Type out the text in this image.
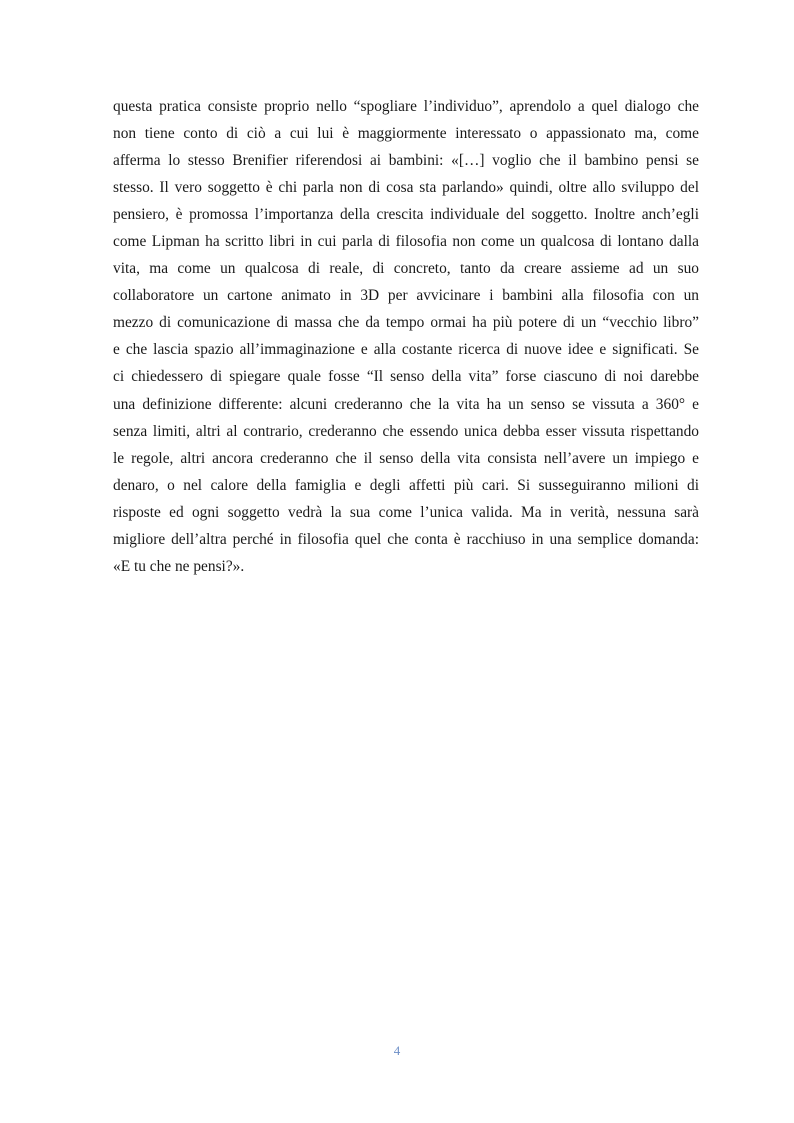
questa pratica consiste proprio nello “spogliare l’individuo”, aprendolo a quel dialogo che
non tiene conto di ciò a cui lui è maggiormente interessato o appassionato ma, come
afferma lo stesso Brenifier riferendosi ai bambini: «[…] voglio che il bambino pensi se
stesso. Il vero soggetto è chi parla non di cosa sta parlando» quindi, oltre allo sviluppo del
pensiero, è promossa l’importanza della crescita individuale del soggetto. Inoltre anch’egli
come Lipman ha scritto libri in cui parla di filosofia non come un qualcosa di lontano dalla
vita, ma come un qualcosa di reale, di concreto, tanto da creare assieme ad un suo
collaboratore un cartone animato in 3D per avvicinare i bambini alla filosofia con un
mezzo di comunicazione di massa che da tempo ormai ha più potere di un “vecchio libro”
e che lascia spazio all’immaginazione e alla costante ricerca di nuove idee e significati. Se
ci chiedessero di spiegare quale fosse “Il senso della vita” forse ciascuno di noi darebbe
una definizione differente: alcuni crederanno che la vita ha un senso se vissuta a 360° e
senza limiti, altri al contrario, crederanno che essendo unica debba esser vissuta rispettando
le regole, altri ancora crederanno che il senso della vita consista nell’avere un impiego e
denaro, o nel calore della famiglia e degli affetti più cari. Si susseguiranno milioni di
risposte ed ogni soggetto vedrà la sua come l’unica valida. Ma in verità, nessuna sarà
migliore dell’altra perché in filosofia quel che conta è racchiuso in una semplice domanda:
«E tu che ne pensi?».
4
